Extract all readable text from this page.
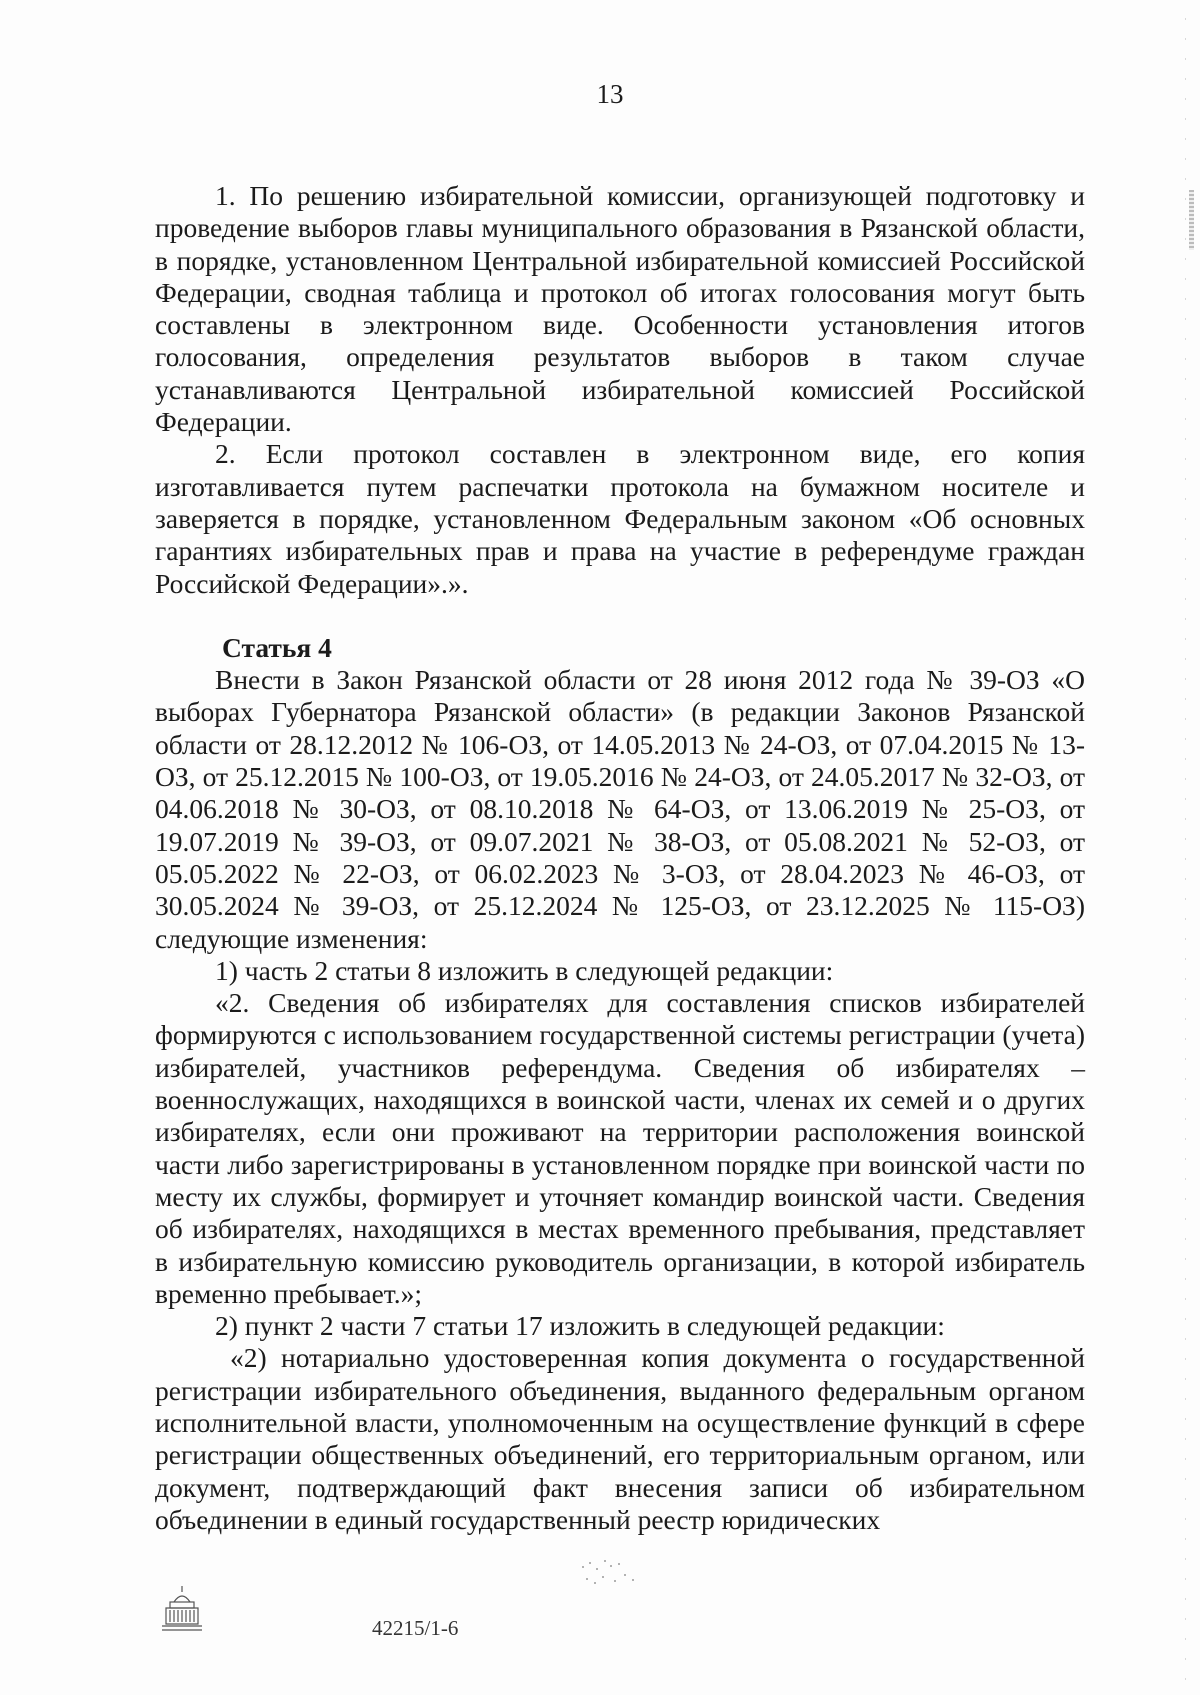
13

1. По решению избирательной комиссии, организующей подготовку и проведение выборов главы муниципального образования в Рязанской области, в порядке, установленном Центральной избирательной комиссией Российской Федерации, сводная таблица и протокол об итогах голосования могут быть составлены в электронном виде. Особенности установления итогов голосования, определения результатов выборов в таком случае устанавливаются Центральной избирательной комиссией Российской Федерации.

2. Если протокол составлен в электронном виде, его копия изготавливается путем распечатки протокола на бумажном носителе и заверяется в порядке, установленном Федеральным законом «Об основных гарантиях избирательных прав и права на участие в референдуме граждан Российской Федерации».».

Статья 4

Внести в Закон Рязанской области от 28 июня 2012 года № 39-ОЗ «О выборах Губернатора Рязанской области» (в редакции Законов Рязанской области от 28.12.2012 № 106-ОЗ, от 14.05.2013 № 24-ОЗ, от 07.04.2015 № 13-ОЗ, от 25.12.2015 № 100-ОЗ, от 19.05.2016 № 24-ОЗ, от 24.05.2017 № 32-ОЗ, от 04.06.2018 № 30-ОЗ, от 08.10.2018 № 64-ОЗ, от 13.06.2019 № 25-ОЗ, от 19.07.2019 № 39-ОЗ, от 09.07.2021 № 38-ОЗ, от 05.08.2021 № 52-ОЗ, от 05.05.2022 № 22-ОЗ, от 06.02.2023 № 3-ОЗ, от 28.04.2023 № 46-ОЗ, от 30.05.2024 № 39-ОЗ, от 25.12.2024 № 125-ОЗ, от 23.12.2025 № 115-ОЗ) следующие изменения:

1) часть 2 статьи 8 изложить в следующей редакции:

«2. Сведения об избирателях для составления списков избирателей формируются с использованием государственной системы регистрации (учета) избирателей, участников референдума. Сведения об избирателях – военнослужащих, находящихся в воинской части, членах их семей и о других избирателях, если они проживают на территории расположения воинской части либо зарегистрированы в установленном порядке при воинской части по месту их службы, формирует и уточняет командир воинской части. Сведения об избирателях, находящихся в местах временного пребывания, представляет в избирательную комиссию руководитель организации, в которой избиратель временно пребывает.»;

2) пункт 2 части 7 статьи 17 изложить в следующей редакции:

«2) нотариально удостоверенная копия документа о государственной регистрации избирательного объединения, выданного федеральным органом исполнительной власти, уполномоченным на осуществление функций в сфере регистрации общественных объединений, его территориальным органом, или документ, подтверждающий факт внесения записи об избирательном объединении в единый государственный реестр юридических

42215/1-6
